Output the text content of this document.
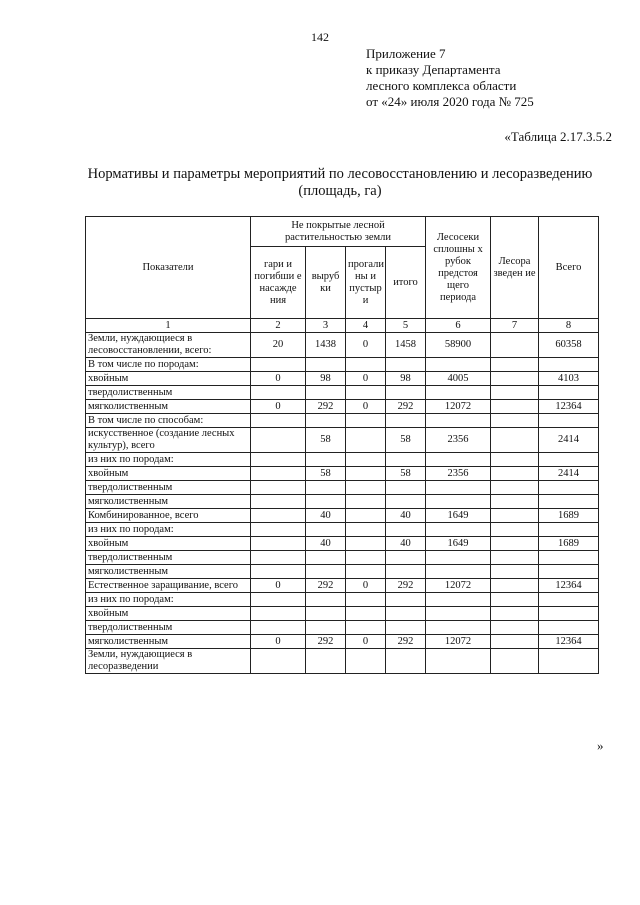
142
Приложение 7
к приказу Департамента
лесного комплекса области
от «24» июля 2020 года № 725
«Таблица 2.17.3.5.2
Нормативы и параметры мероприятий по лесовосстановлению и лесоразведению
(площадь, га)
Показатели	Не покрытые лесной растительностью земли				Лесосеки сплошны х рубок предстоя щего периода	Лесора зведен ие	Всего
	гари и погибши е насажде ния	выруб ки	прогали ны и пустыр и	итого			
1	2	3	4	5	6	7	8
Земли, нуждающиеся в лесовосстановлении, всего:	20	1438	0	1458	58900		60358
В том числе по породам:							
хвойным	0	98	0	98	4005		4103
твердолиственным							
мягколиственным	0	292	0	292	12072		12364
В том числе по способам:							
искусственное (создание лесных культур), всего		58		58	2356		2414
из них по породам:							
хвойным		58		58	2356		2414
твердолиственным							
мягколиственным							
Комбинированное, всего		40		40	1649		1689
из них по породам:							
хвойным		40		40	1649		1689
твердолиственным							
мягколиственным							
Естественное заращивание, всего	0	292	0	292	12072		12364
из них по породам:							
хвойным							
твердолиственным							
мягколиственным	0	292	0	292	12072		12364
Земли, нуждающиеся в лесоразведении							
»
